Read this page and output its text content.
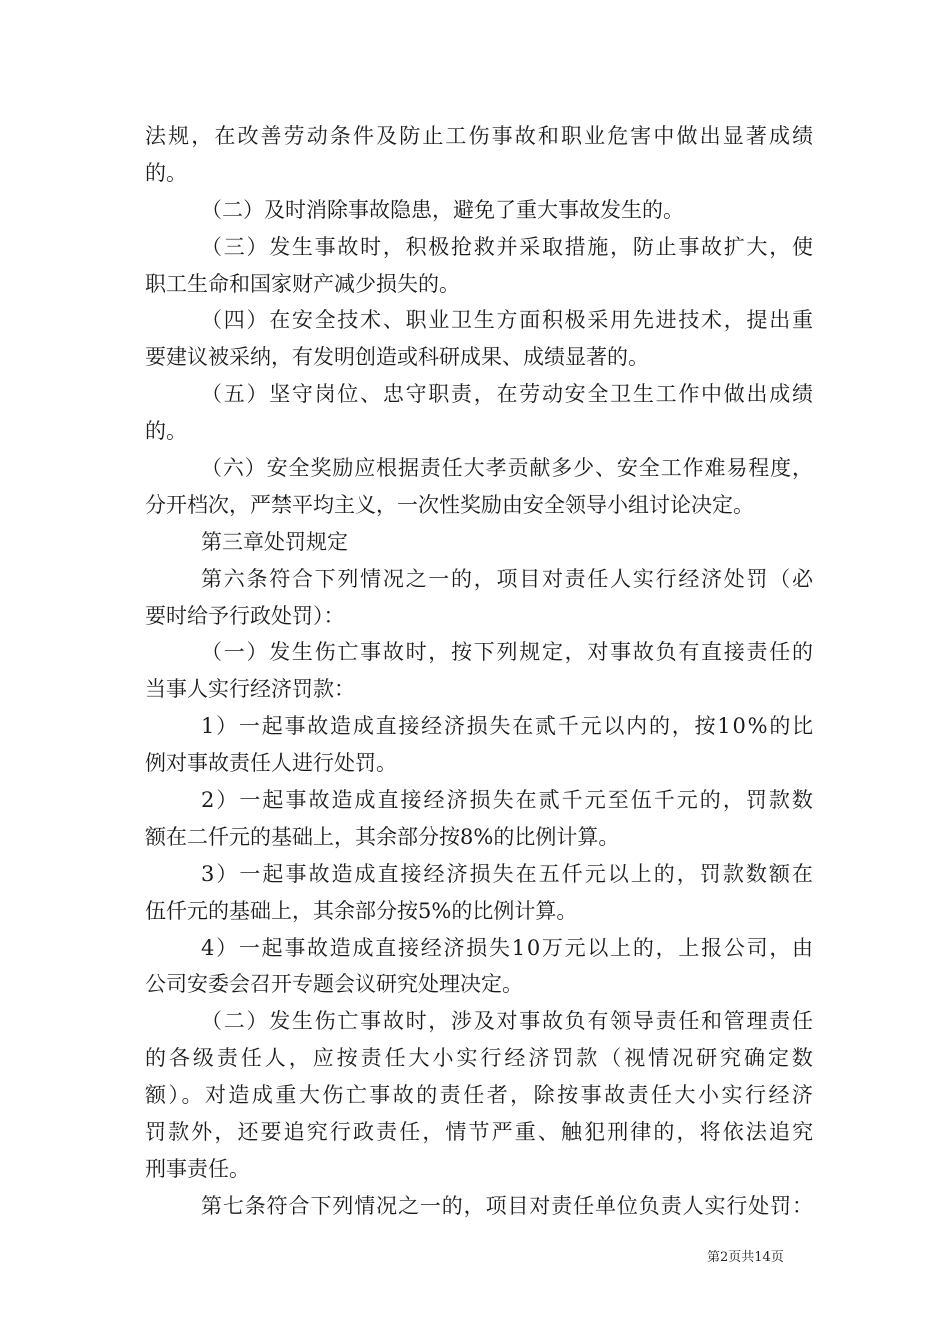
法规，在改善劳动条件及防止工伤事故和职业危害中做出显著成绩
的。
（二）及时消除事故隐患，避免了重大事故发生的。
（三）发生事故时，积极抢救并采取措施，防止事故扩大，使
职工生命和国家财产减少损失的。
（四）在安全技术、职业卫生方面积极采用先进技术，提出重
要建议被采纳，有发明创造或科研成果、成绩显著的。
（五）坚守岗位、忠守职责，在劳动安全卫生工作中做出成绩
的。
（六）安全奖励应根据责任大孝贡献多少、安全工作难易程度，
分开档次，严禁平均主义，一次性奖励由安全领导小组讨论决定。
第三章处罚规定
第六条符合下列情况之一的，项目对责任人实行经济处罚（必
要时给予行政处罚）：
（一）发生伤亡事故时，按下列规定，对事故负有直接责任的
当事人实行经济罚款：
1）一起事故造成直接经济损失在贰千元以内的，按10%的比
例对事故责任人进行处罚。
2）一起事故造成直接经济损失在贰千元至伍千元的，罚款数
额在二仟元的基础上，其余部分按8%的比例计算。
3）一起事故造成直接经济损失在五仟元以上的，罚款数额在
伍仟元的基础上，其余部分按5%的比例计算。
4）一起事故造成直接经济损失10万元以上的，上报公司，由
公司安委会召开专题会议研究处理决定。
（二）发生伤亡事故时，涉及对事故负有领导责任和管理责任
的各级责任人，应按责任大小实行经济罚款（视情况研究确定数
额）。对造成重大伤亡事故的责任者，除按事故责任大小实行经济
罚款外，还要追究行政责任，情节严重、触犯刑律的，将依法追究
刑事责任。
第七条符合下列情况之一的，项目对责任单位负责人实行处罚：
第2页共14页
